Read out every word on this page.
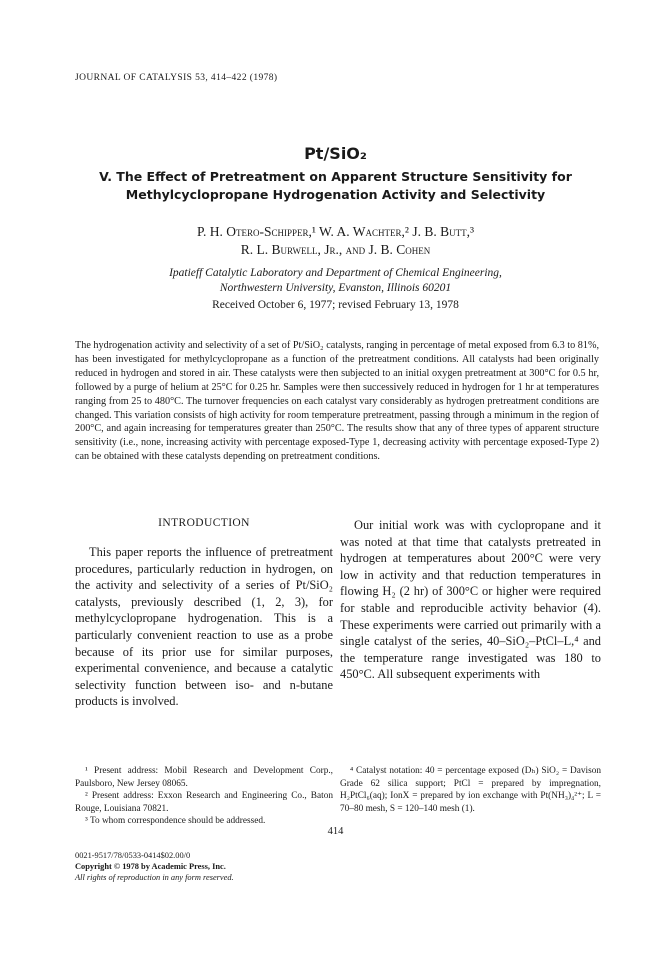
JOURNAL OF CATALYSIS 53, 414–422 (1978)
Pt/SiO₂
V. The Effect of Pretreatment on Apparent Structure Sensitivity for
Methylcyclopropane Hydrogenation Activity and Selectivity
P. H. Otero-Schipper,¹ W. A. Wachter,² J. B. Butt,³
R. L. Burwell, Jr., and J. B. Cohen
Ipatieff Catalytic Laboratory and Department of Chemical Engineering,
Northwestern University, Evanston, Illinois 60201
Received October 6, 1977; revised February 13, 1978

The hydrogenation activity and selectivity of a set of Pt/SiO₂ catalysts, ranging in percentage of metal exposed from 6.3 to 81%, has been investigated for methylcyclopropane as a function of the pretreatment conditions. All catalysts had been originally reduced in hydrogen and stored in air. These catalysts were then subjected to an initial oxygen pretreatment at 300°C for 0.5 hr, followed by a purge of helium at 25°C for 0.25 hr. Samples were then successively reduced in hydrogen for 1 hr at temperatures ranging from 25 to 480°C. The turnover frequencies on each catalyst vary considerably as hydrogen pretreatment conditions are changed. This variation consists of high activity for room temperature pretreatment, passing through a minimum in the region of 200°C, and again increasing for temperatures greater than 250°C. The results show that any of three types of apparent structure sensitivity (i.e., none, increasing activity with percentage exposed-Type 1, decreasing activity with percentage exposed-Type 2) can be obtained with these catalysts depending on pretreatment conditions.

INTRODUCTION

This paper reports the influence of pretreatment procedures, particularly reduction in hydrogen, on the activity and selectivity of a series of Pt/SiO₂ catalysts, previously described (1, 2, 3), for methylcyclopropane hydrogenation. This is a particularly convenient reaction to use as a probe because of its prior use for similar purposes, experimental convenience, and because a catalytic selectivity function between iso- and n-butane products is involved.

Our initial work was with cyclopropane and it was noted at that time that catalysts pretreated in hydrogen at temperatures about 200°C were very low in activity and that reduction temperatures in flowing H₂ (2 hr) of 300°C or higher were required for stable and reproducible activity behavior (4). These experiments were carried out primarily with a single catalyst of the series, 40–SiO₂–PtCl–L,⁴ and the temperature range investigated was 180 to 450°C. All subsequent experiments with

¹ Present address: Mobil Research and Development Corp., Paulsboro, New Jersey 08065.

² Present address: Exxon Research and Engineering Co., Baton Rouge, Louisiana 70821.

³ To whom correspondence should be addressed.

⁴ Catalyst notation: 40 = percentage exposed (Dₕ) SiO₂ = Davison Grade 62 silica support; PtCl = prepared by impregnation, H₂PtCl₆(aq); IonX = prepared by ion exchange with Pt(NH₃)₄²⁺; L = 70–80 mesh, S = 120–140 mesh (1).

414
0021-9517/78/0533-0414$02.00/0
Copyright © 1978 by Academic Press, Inc.
All rights of reproduction in any form reserved.
